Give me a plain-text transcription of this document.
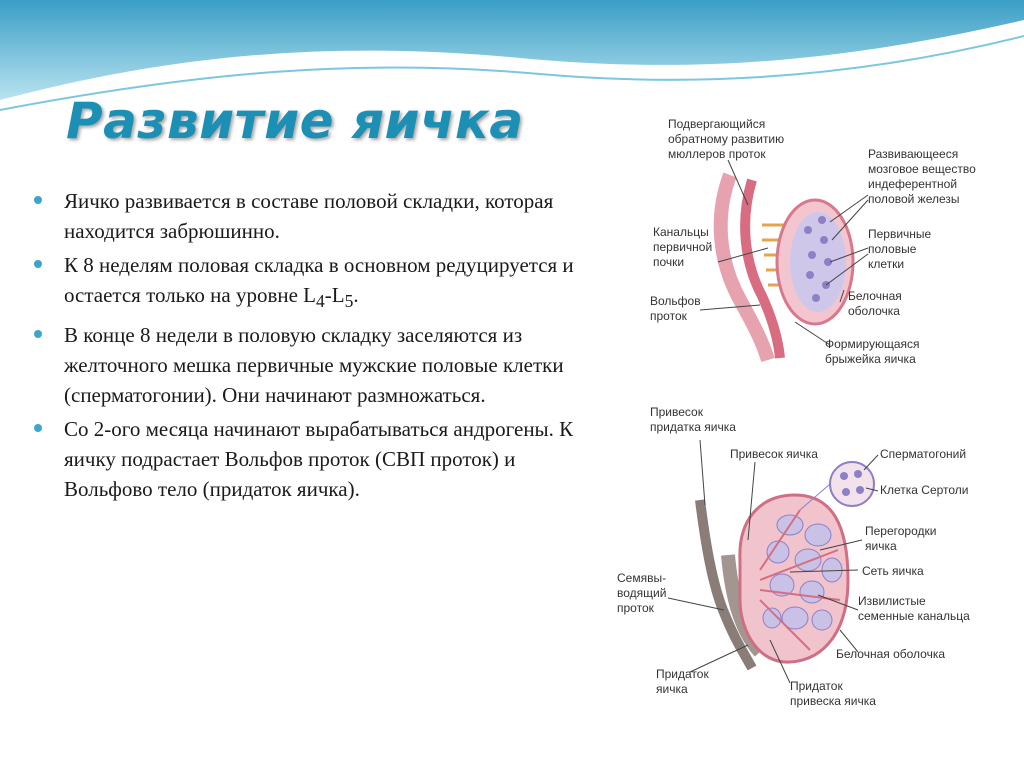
Развитие яичка
Яичко развивается в составе половой складки, которая находится забрюшинно.
К 8 неделям половая складка в основном редуцируется и остается только на уровне $L_4-L_5$.
В конце 8 недели в половую складку заселяются из желточного мешка первичные мужские половые клетки (сперматогонии). Они начинают размножаться.
Со 2-ого месяца начинают вырабатываться андрогены. К яичку подрастает Вольфов проток (СВП проток) и Вольфово тело (придаток яичка).
Подвергающийся
обратному развитию
мюллеров проток	Развивающееся
мозговое вещество
индеферентной
половой железы
Канальцы
первичной
почки
Первичные
половые
клетки
Вольфов
проток
Белочная
оболочка
Формирующаяся
брыжейка яичка
Привесок
придатка яичка
Привесок яичка	Сперматогоний
Клетка Сертоли
Перегородки
яичка
Сеть яичка
Семявы-
водящий
проток	Извилистые
семенные канальца
Белочная оболочка
Придаток
яичка	Придаток
привеска яичка
